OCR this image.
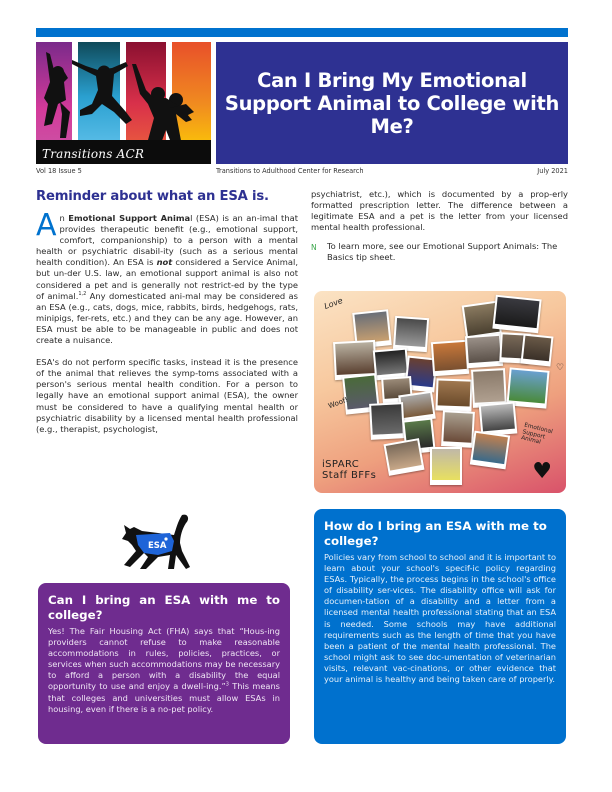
Transitions ACR
Can I Bring My Emotional Support Animal to College with Me?
Vol 18 Issue 5	Transitions to Adulthood Center for Research	July 2021
Reminder about what an ESA is.
An Emotional Support Animal (ESA) is an an-imal that provides therapeutic benefit (e.g., emotional support, comfort, companionship) to a person with a mental health or psychiatric disabil-ity (such as a serious mental health condition). An ESA is not considered a Service Animal, but un-der U.S. law, an emotional support animal is also not considered a pet and is generally not restrict-ed by the type of animal.$^{1,2}$ Any domesticated ani-mal may be considered as an ESA (e.g., cats, dogs, mice, rabbits, birds, hedgehogs, rats, minipigs, fer-rets, etc.) and they can be any age. However, an ESA must be able to be manageable in public and does not create a nuisance.
ESA's do not perform specific tasks, instead it is the presence of the animal that relieves the symp-toms associated with a person's serious mental health condition. For a person to legally have an emotional support animal (ESA), the owner must be considered to have a qualifying mental health or psychiatric disability by a licensed mental health professional (e.g., therapist, psychologist,
psychiatrist, etc.), which is documented by a prop-erly formatted prescription letter. The difference between a legitimate ESA and a pet is the letter from your licensed mental health professional.
N	To learn more, see our Emotional Support Animals: The Basics tip sheet.
Love
Woof!
Emotional Support Animal
♡
iSPARC
Staff BFFs	♥
ESA
Can I bring an ESA with me to college?

Yes! The Fair Housing Act (FHA) says that “Hous-ing providers cannot refuse to make reasonable accommodations in rules, policies, practices, or services when such accommodations may be necessary to afford a person with a disability the equal opportunity to use and enjoy a dwell-ing.”$^3$ This means that colleges and universities must allow ESAs in housing, even if there is a no-pet policy.

How do I bring an ESA with me to college?

Policies vary from school to school and it is important to learn about your school's specif-ic policy regarding ESAs. Typically, the process begins in the school's office of disability ser-vices. The disability office will ask for documen-tation of a disability and a letter from a licensed mental health professional stating that an ESA is needed. Some schools may have additional requirements such as the length of time that you have been a patient of the mental health professional. The school might ask to see doc-umentation of veterinarian visits, relevant vac-cinations, or other evidence that your animal is healthy and being taken care of properly.
